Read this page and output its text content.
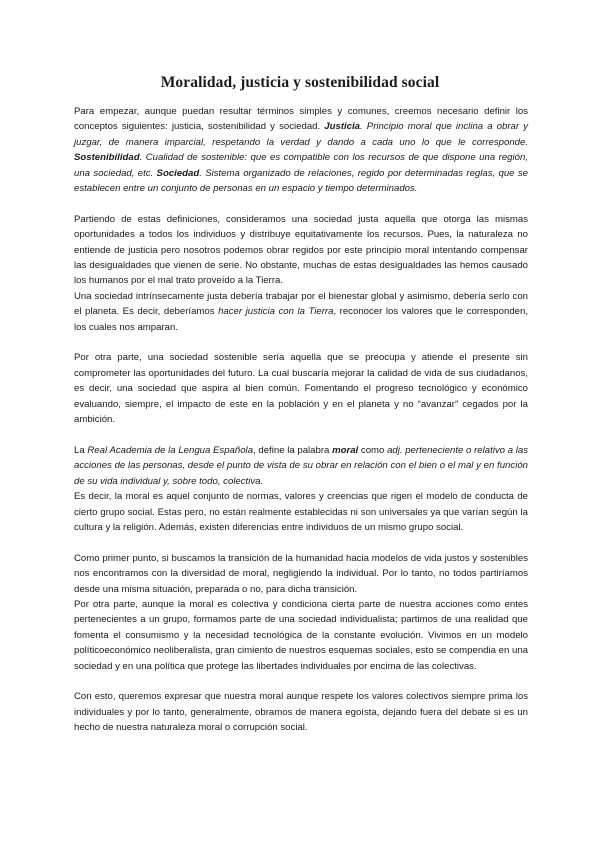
Moralidad, justicia y sostenibilidad social

Para empezar, aunque puedan resultar términos simples y comunes, creemos necesario definir los conceptos siguientes: justicia, sostenibilidad y sociedad. Justicia. Principio moral que inclina a obrar y juzgar, de manera imparcial, respetando la verdad y dando a cada uno lo que le corresponde. Sostenibilidad. Cualidad de sostenible: que es compatible con los recursos de que dispone una región, una sociedad, etc. Sociedad. Sistema organizado de relaciones, regido por determinadas reglas, que se establecen entre un conjunto de personas en un espacio y tiempo determinados.

Partiendo de estas definiciones, consideramos una sociedad justa aquella que otorga las mismas oportunidades a todos los individuos y distribuye equitativamente los recursos. Pues, la naturaleza no entiende de justicia pero nosotros podemos obrar regidos por este principio moral intentando compensar las desigualdades que vienen de serie. No obstante, muchas de estas desigualdades las hemos causado los humanos por el mal trato proveído a la Tierra.

Una sociedad intrínsecamente justa debería trabajar por el bienestar global y asimismo, debería serlo con el planeta. Es decir, deberíamos hacer justicia con la Tierra, reconocer los valores que le corresponden, los cuales nos amparan.

Por otra parte, una sociedad sostenible sería aquella que se preocupa y atiende el presente sin comprometer las oportunidades del futuro. La cual buscaría mejorar la calidad de vida de sus ciudadanos, es decir, una sociedad que aspira al bien común. Fomentando el progreso tecnológico y económico evaluando, siempre, el impacto de este en la población y en el planeta y no “avanzar” cegados por la ambición.

La Real Academia de la Lengua Española, define la palabra moral como adj. perteneciente o relativo a las acciones de las personas, desde el punto de vista de su obrar en relación con el bien o el mal y en función de su vida individual y, sobre todo, colectiva.

Es decir, la moral es aquel conjunto de normas, valores y creencias que rigen el modelo de conducta de cierto grupo social. Estas pero, no están realmente establecidas ni son universales ya que varían según la cultura y la religión. Además, existen diferencias entre individuos de un mismo grupo social.

Como primer punto, si buscamos la transición de la humanidad hacia modelos de vida justos y sostenibles nos encontramos con la diversidad de moral, negligiendo la individual. Por lo tanto, no todos partiríamos desde una misma situación, preparada o no, para dicha transición.

Por otra parte, aunque la moral es colectiva y condiciona cierta parte de nuestra acciones como entes pertenecientes a un grupo, formamos parte de una sociedad individualista; partimos de una realidad que fomenta el consumismo y la necesidad tecnológica de la constante evolución. Vivimos en un modelo políticoeconómico neoliberalista, gran cimiento de nuestros esquemas sociales, esto se compendia en una sociedad y en una política que protege las libertades individuales por encima de las colectivas.

Con esto, queremos expresar que nuestra moral aunque respete los valores colectivos siempre prima los individuales y por lo tanto, generalmente, obramos de manera egoísta, dejando fuera del debate si es un hecho de nuestra naturaleza moral o corrupción social.
